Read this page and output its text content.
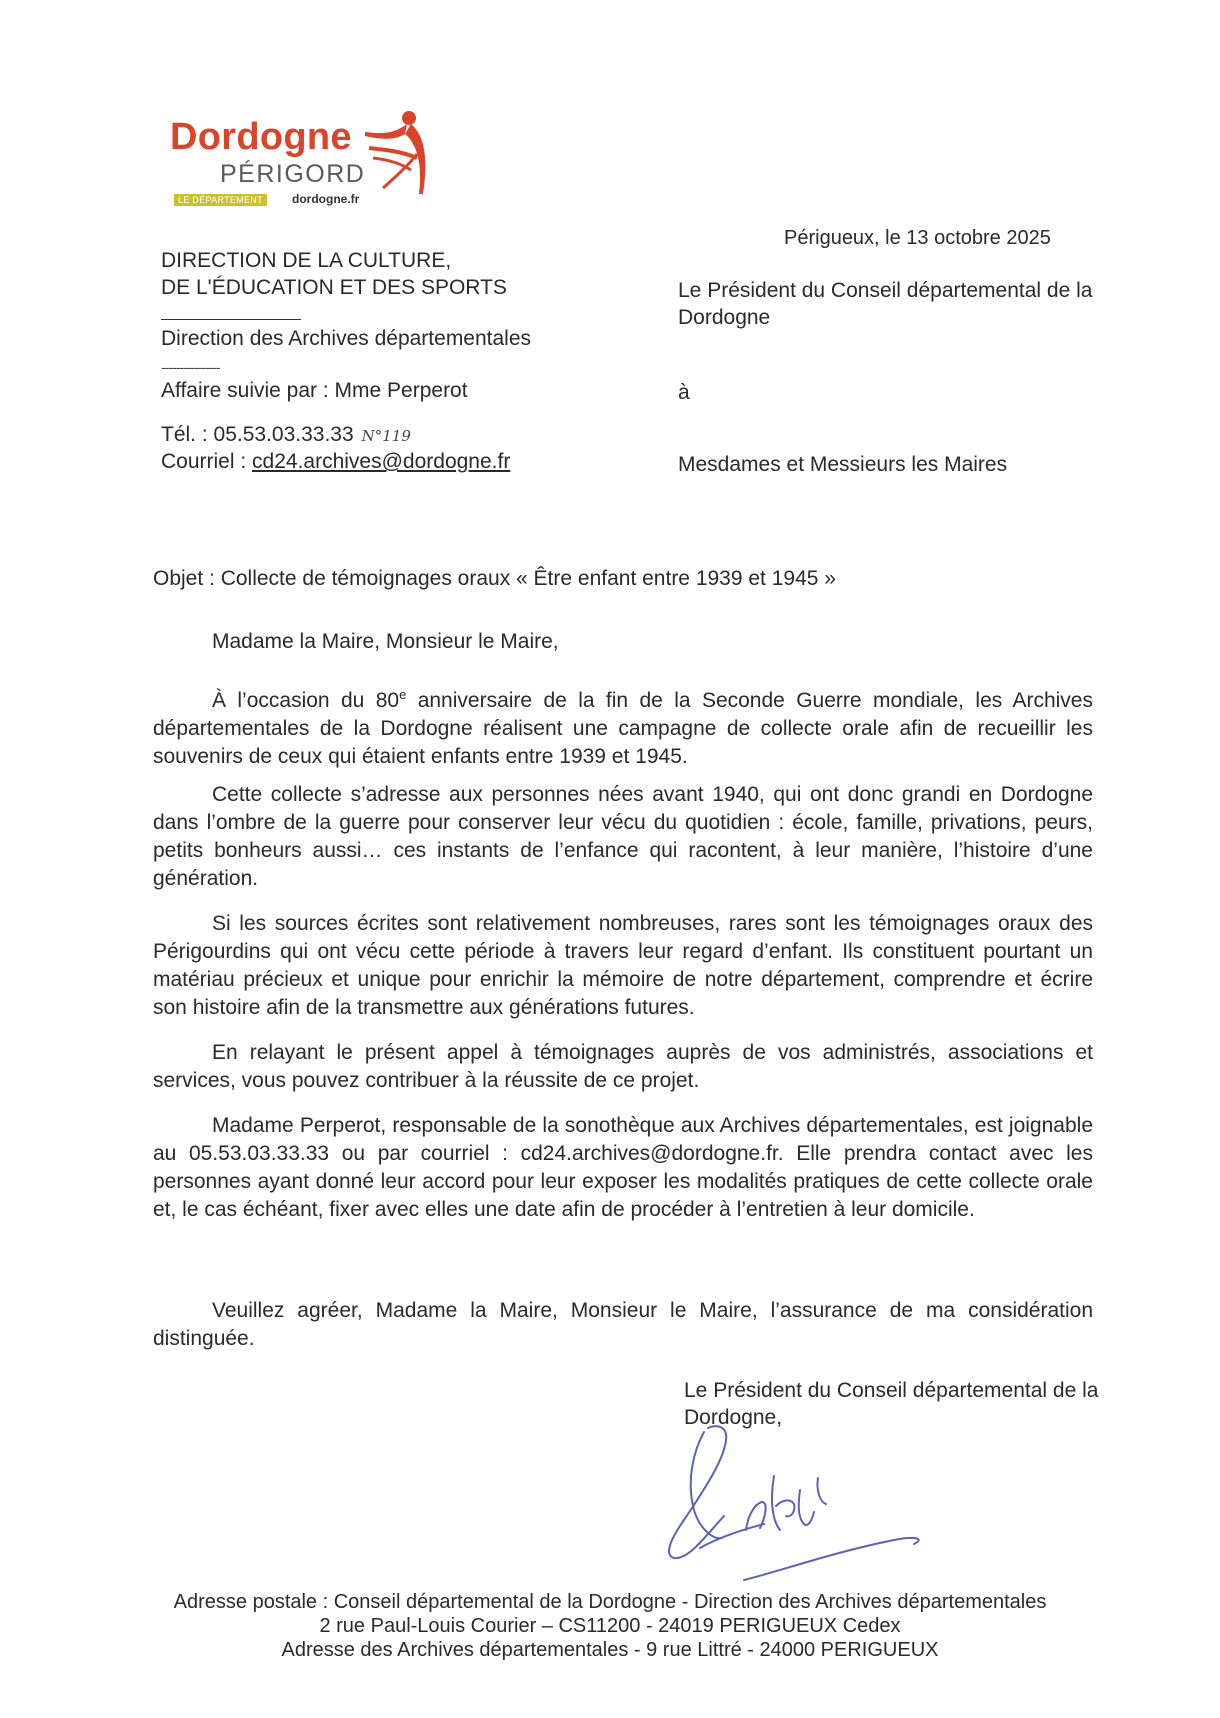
Dordogne
PÉRIGORD
LE DÉPARTEMENT	dordogne.fr
DIRECTION DE LA CULTURE,
DE L'ÉDUCATION ET DES SPORTS
Direction des Archives départementales
----------------
Affaire suivie par : Mme Perperot
Tél. : 05.53.03.33.33 N°119
Courriel : cd24.archives@dordogne.fr
Périgueux, le 13 octobre 2025
Le Président du Conseil départemental de la Dordogne
à
Mesdames et Messieurs les Maires
Objet : Collecte de témoignages oraux « Être enfant entre 1939 et 1945 »
Madame la Maire, Monsieur le Maire,

À l’occasion du 80e anniversaire de la fin de la Seconde Guerre mondiale, les Archives départementales de la Dordogne réalisent une campagne de collecte orale afin de recueillir les souvenirs de ceux qui étaient enfants entre 1939 et 1945.

Cette collecte s’adresse aux personnes nées avant 1940, qui ont donc grandi en Dordogne dans l’ombre de la guerre pour conserver leur vécu du quotidien : école, famille, privations, peurs, petits bonheurs aussi… ces instants de l’enfance qui racontent, à leur manière, l’histoire d’une génération.

Si les sources écrites sont relativement nombreuses, rares sont les témoignages oraux des Périgourdins qui ont vécu cette période à travers leur regard d’enfant. Ils constituent pourtant un matériau précieux et unique pour enrichir la mémoire de notre département, comprendre et écrire son histoire afin de la transmettre aux générations futures.

En relayant le présent appel à témoignages auprès de vos administrés, associations et services, vous pouvez contribuer à la réussite de ce projet.

Madame Perperot, responsable de la sonothèque aux Archives départementales, est joignable au 05.53.03.33.33 ou par courriel : cd24.archives@dordogne.fr. Elle prendra contact avec les personnes ayant donné leur accord pour leur exposer les modalités pratiques de cette collecte orale et, le cas échéant, fixer avec elles une date afin de procéder à l’entretien à leur domicile.

Veuillez agréer, Madame la Maire, Monsieur le Maire, l’assurance de ma considération distinguée.

Le Président du Conseil départemental de la Dordogne,
Adresse postale : Conseil départemental de la Dordogne - Direction des Archives départementales
2 rue Paul-Louis Courier – CS11200 - 24019 PERIGUEUX Cedex
Adresse des Archives départementales - 9 rue Littré - 24000 PERIGUEUX
